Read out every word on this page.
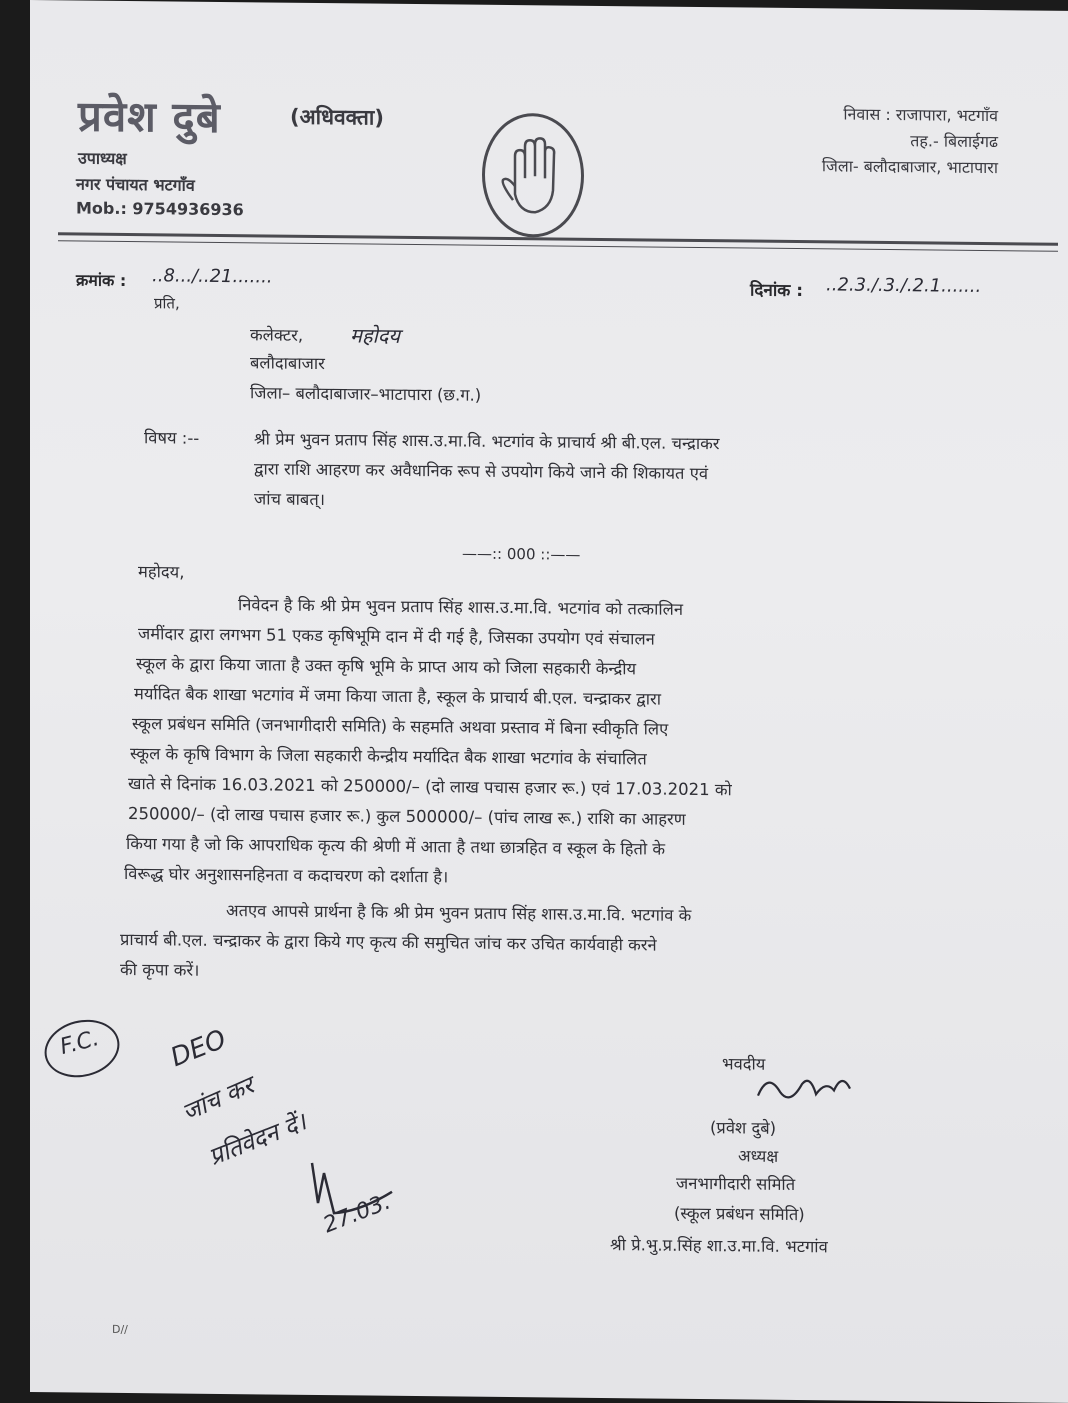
प्रवेश दुबे	(अधिवक्ता)
उपाध्यक्ष
नगर पंचायत भटगाँव
Mob.: 9754936936
निवास : राजापारा, भटगाँव
तह.- बिलाईगढ
जिला- बलौदाबाजार, भाटापारा
क्रमांक : ..8.../..21.......
दिनांक : ..2.3./.3./.2.1.......
प्रति,
कलेक्टर, महोदय
बलौदाबाजार
जिला– बलौदाबाजार–भाटापारा (छ.ग.)
विषय :--	श्री प्रेम भुवन प्रताप सिंह शास.उ.मा.वि. भटगांव के प्राचार्य श्री बी.एल. चन्द्राकर
द्वारा राशि आहरण कर अवैधानिक रूप से उपयोग किये जाने की शिकायत एवं
जांच बाबत्।
——:: 000 ::——
महोदय,
निवेदन है कि श्री प्रेम भुवन प्रताप सिंह शास.उ.मा.वि. भटगांव को तत्कालिन
जमींदार द्वारा लगभग 51 एकड कृषिभूमि दान में दी गई है, जिसका उपयोग एवं संचालन
स्कूल के द्वारा किया जाता है उक्त कृषि भूमि के प्राप्त आय को जिला सहकारी केन्द्रीय
मर्यादित बैक शाखा भटगांव में जमा किया जाता है, स्कूल के प्राचार्य बी.एल. चन्द्राकर द्वारा
स्कूल प्रबंधन समिति (जनभागीदारी समिति) के सहमति अथवा प्रस्ताव में बिना स्वीकृति लिए
स्कूल के कृषि विभाग के जिला सहकारी केन्द्रीय मर्यादित बैक शाखा भटगांव के संचालित
खाते से दिनांक 16.03.2021 को 250000/– (दो लाख पचास हजार रू.) एवं 17.03.2021 को
250000/– (दो लाख पचास हजार रू.) कुल 500000/– (पांच लाख रू.) राशि का आहरण
किया गया है जो कि आपराधिक कृत्य की श्रेणी में आता है तथा छात्रहित व स्कूल के हितो के
विरूद्ध घोर अनुशासनहिनता व कदाचरण को दर्शाता है।
अतएव आपसे प्रार्थना है कि श्री प्रेम भुवन प्रताप सिंह शास.उ.मा.वि. भटगांव के
प्राचार्य बी.एल. चन्द्राकर के द्वारा किये गए कृत्य की समुचित जांच कर उचित कार्यवाही करने
की कृपा करें।
F.C. DEO
जांच कर
प्रतिवेदन दें।
27.03.
भवदीय
(प्रवेश दुबे)
अध्यक्ष
जनभागीदारी समिति
(स्कूल प्रबंधन समिति)
श्री प्रे.भु.प्र.सिंह शा.उ.मा.वि. भटगांव
D//
